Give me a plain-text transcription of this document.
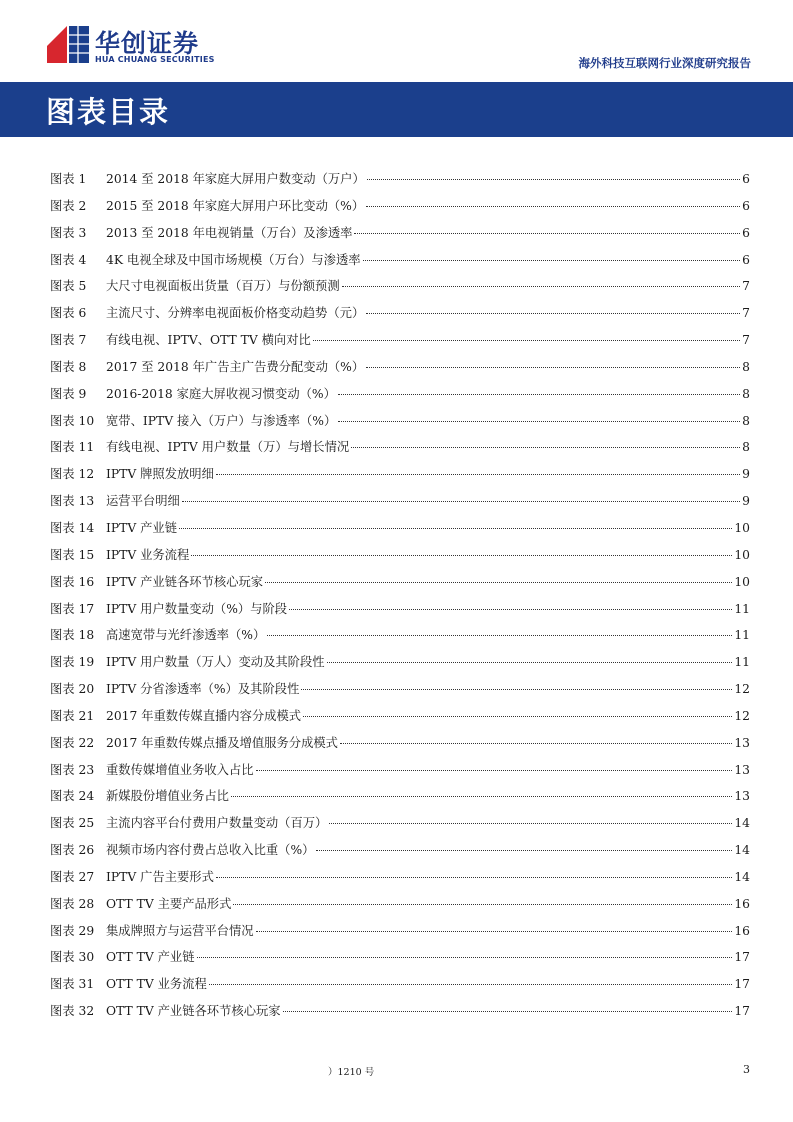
华创证券
HUA CHUANG SECURITIES	海外科技互联网行业深度研究报告
图表目录
图表 1	2014 至 2018 年家庭大屏用户数变动（万户）	6
图表 2	2015 至 2018 年家庭大屏用户环比变动（%）	6
图表 3	2013 至 2018 年电视销量（万台）及渗透率	6
图表 4	4K 电视全球及中国市场规模（万台）与渗透率	6
图表 5	大尺寸电视面板出货量（百万）与份额预测	7
图表 6	主流尺寸、分辨率电视面板价格变动趋势（元）	7
图表 7	有线电视、IPTV、OTT TV 横向对比	7
图表 8	2017 至 2018 年广告主广告费分配变动（%）	8
图表 9	2016-2018 家庭大屏收视习惯变动（%）	8
图表 10 宽带、IPTV 接入（万户）与渗透率（%）	8
图表 11 有线电视、IPTV 用户数量（万）与增长情况	8
图表 12 IPTV 牌照发放明细	9
图表 13 运营平台明细	9
图表 14 IPTV 产业链	10
图表 15 IPTV 业务流程	10
图表 16 IPTV 产业链各环节核心玩家	10
图表 17 IPTV 用户数量变动（%）与阶段	11
图表 18 高速宽带与光纤渗透率（%）	11
图表 19 IPTV 用户数量（万人）变动及其阶段性	11
图表 20 IPTV 分省渗透率（%）及其阶段性	12
图表 21 2017 年重数传媒直播内容分成模式	12
图表 22 2017 年重数传媒点播及增值服务分成模式	13
图表 23 重数传媒增值业务收入占比	13
图表 24 新媒股份增值业务占比	13
图表 25 主流内容平台付费用户数量变动（百万）	14
图表 26 视频市场内容付费占总收入比重（%）	14
图表 27 IPTV 广告主要形式	14
图表 28 OTT TV 主要产品形式	16
图表 29 集成牌照方与运营平台情况	16
图表 30 OTT TV 产业链	17
图表 31 OTT TV 业务流程	17
图表 32 OTT TV 产业链各环节核心玩家	17
）1210 号	3
